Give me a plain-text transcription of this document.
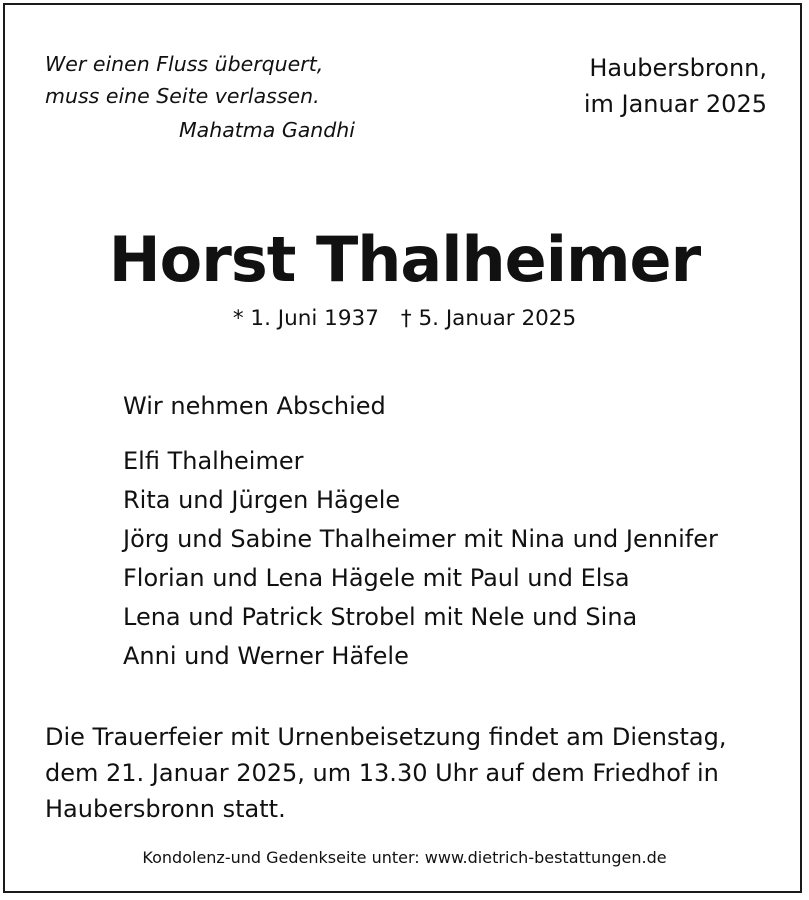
Wer einen Fluss überquert,
muss eine Seite verlassen.
Mahatma Gandhi
Haubersbronn,
im Januar 2025
Horst Thalheimer
* 1. Juni 1937 † 5. Januar 2025
Wir nehmen Abschied
Elfi Thalheimer
Rita und Jürgen Hägele
Jörg und Sabine Thalheimer mit Nina und Jennifer
Florian und Lena Hägele mit Paul und Elsa
Lena und Patrick Strobel mit Nele und Sina
Anni und Werner Häfele
Die Trauerfeier mit Urnenbeisetzung findet am Dienstag,
dem 21. Januar 2025, um 13.30 Uhr auf dem Friedhof in
Haubersbronn statt.
Kondolenz-und Gedenkseite unter: www.dietrich-bestattungen.de
